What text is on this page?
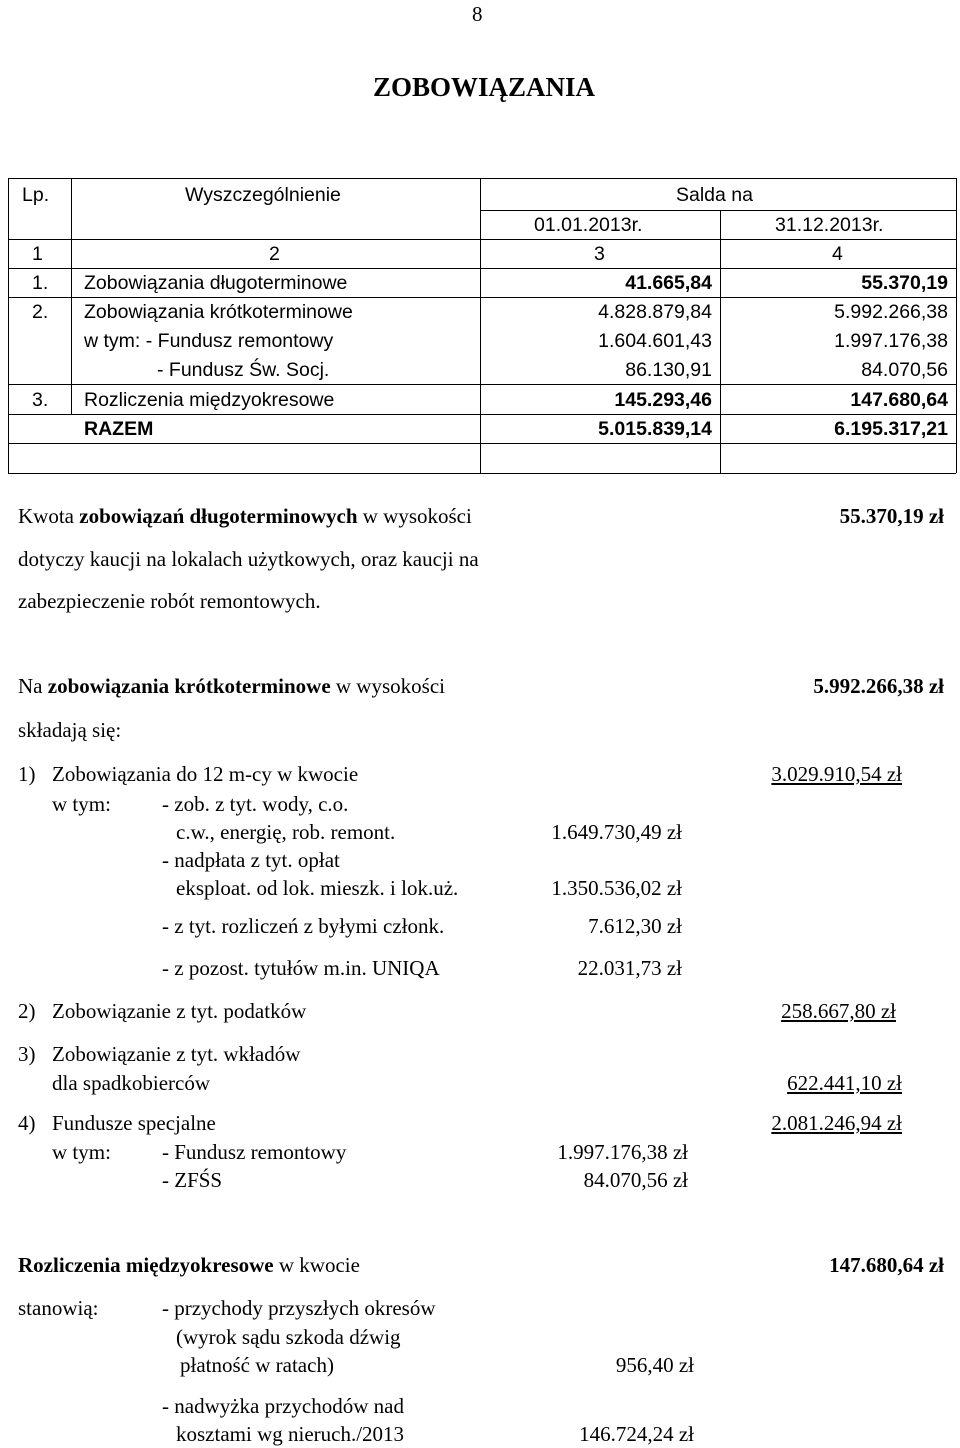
8
ZOBOWIĄZANIA
Lp.	Wyszczególnienie	Salda na
01.01.2013r.	31.12.2013r.
1	2	3	4
1. Zobowiązania długoterminowe	41.665,84	55.370,19
2. Zobowiązania krótkoterminowe	4.828.879,84	5.992.266,38
w tym: - Fundusz remontowy	1.604.601,43	1.997.176,38
- Fundusz Św. Socj.	86.130,91	84.070,56
3. Rozliczenia międzyokresowe	145.293,46	147.680,64
RAZEM	5.015.839,14	6.195.317,21
Kwota zobowiązań długoterminowych w wysokości	55.370,19 zł
dotyczy kaucji na lokalach użytkowych, oraz kaucji na
zabezpieczenie robót remontowych.
Na zobowiązania krótkoterminowe w wysokości	5.992.266,38 zł
składają się:
1) Zobowiązania do 12 m-cy w kwocie	3.029.910,54 zł
w tym: - zob. z tyt. wody, c.o.
c.w., energię, rob. remont.	1.649.730,49 zł
- nadpłata z tyt. opłat
eksploat. od lok. mieszk. i lok.uż.	1.350.536,02 zł
- z tyt. rozliczeń z byłymi członk.	7.612,30 zł
- z pozost. tytułów m.in. UNIQA	22.031,73 zł
2) Zobowiązanie z tyt. podatków	258.667,80 zł
3) Zobowiązanie z tyt. wkładów
dla spadkobierców	622.441,10 zł
4) Fundusze specjalne	2.081.246,94 zł
w tym: - Fundusz remontowy	1.997.176,38 zł
- ZFŚS	84.070,56 zł
Rozliczenia międzyokresowe w kwocie	147.680,64 zł
stanowią:	- przychody przyszłych okresów
(wyrok sądu szkoda dźwig
płatność w ratach)	956,40 zł
- nadwyżka przychodów nad
kosztami wg nieruch./2013	146.724,24 zł
